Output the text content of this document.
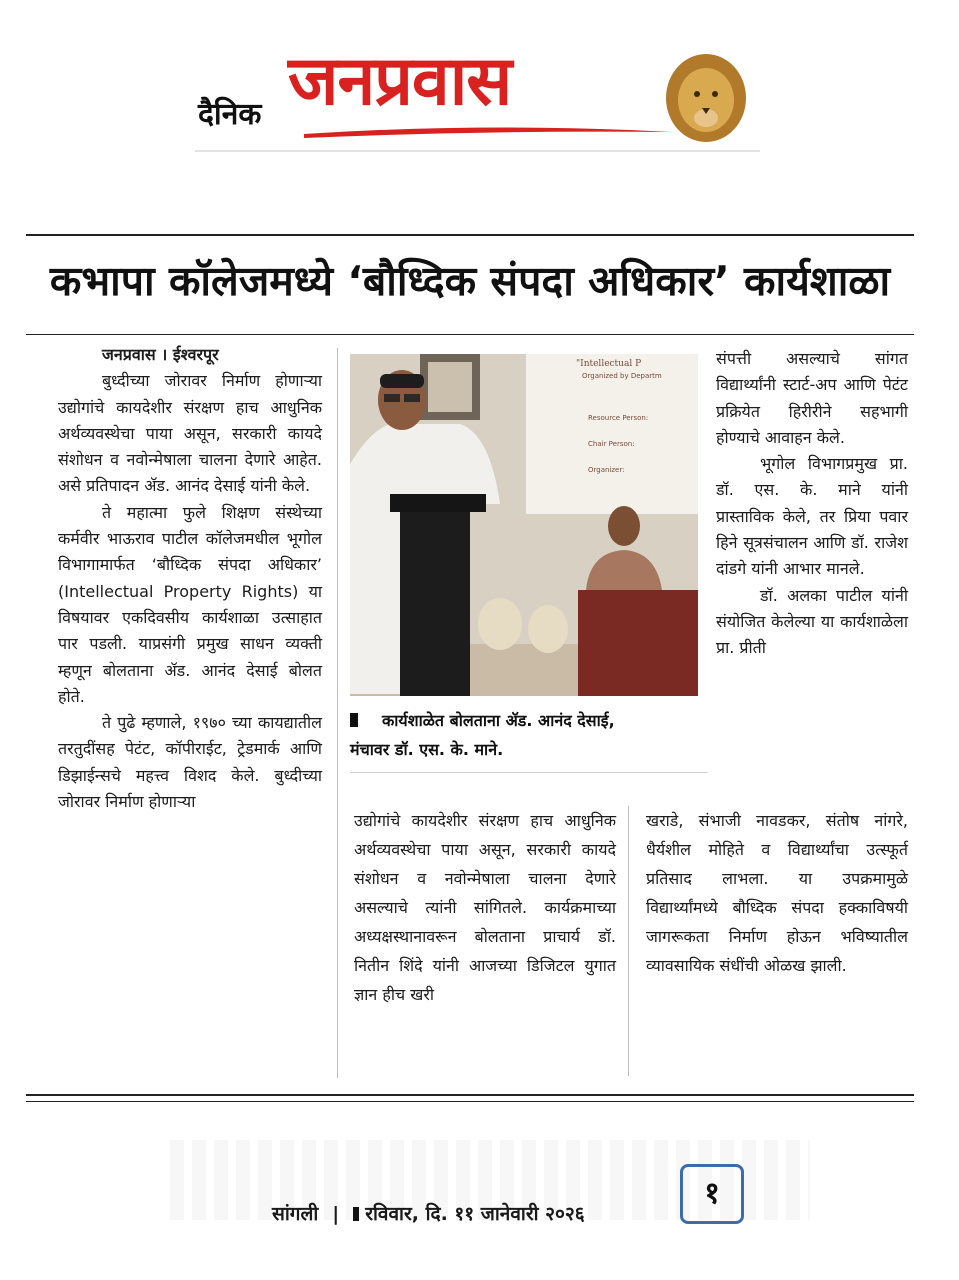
दैनिक जनप्रवास
कभापा कॉलेजमध्ये ‘बौध्दिक संपदा अधिकार’ कार्यशाळा

जनप्रवास । ईश्वरपूर

बुध्दीच्या जोरावर निर्माण होणाऱ्या उद्योगांचे कायदेशीर संरक्षण हाच आधुनिक अर्थव्यवस्थेचा पाया असून, सरकारी कायदे संशोधन व नवोन्मेषाला चालना देणारे आहेत. असे प्रतिपादन ॲड. आनंद देसाई यांनी केले.

ते महात्मा फुले शिक्षण संस्थेच्या कर्मवीर भाऊराव पाटील कॉलेजमधील भूगोल विभागामार्फत ‘बौध्दिक संपदा अधिकार’ (Intellectual Property Rights) या विषयावर एकदिवसीय कार्यशाळा उत्साहात पार पडली. याप्रसंगी प्रमुख साधन व्यक्ती म्हणून बोलताना ॲड. आनंद देसाई बोलत होते.

ते पुढे म्हणाले, १९७० च्या कायद्यातील तरतुदींसह पेटंट, कॉपीराईट, ट्रेडमार्क आणि डिझाईन्सचे महत्त्व विशद केले. बुध्दीच्या जोरावर निर्माण होणाऱ्या

"Intellectual P
Organized by Departm
Resource Person:
Chair Person:
Organizer:
कार्यशाळेत बोलताना ॲड. आनंद देसाई,
मंचावर डॉ. एस. के. माने.

संपत्ती असल्याचे सांगत विद्यार्थ्यांनी स्टार्ट-अप आणि पेटंट प्रक्रियेत हिरीरीने सहभागी होण्याचे आवाहन केले.

भूगोल विभागप्रमुख प्रा. डॉ. एस. के. माने यांनी प्रास्ताविक केले, तर प्रिया पवार हिने सूत्रसंचालन आणि डॉ. राजेश दांडगे यांनी आभार मानले.

डॉ. अलका पाटील यांनी संयोजित केलेल्या या कार्यशाळेला प्रा. प्रीती

उद्योगांचे कायदेशीर संरक्षण हाच आधुनिक अर्थव्यवस्थेचा पाया असून, सरकारी कायदे संशोधन व नवोन्मेषाला चालना देणारे असल्याचे त्यांनी सांगितले. कार्यक्रमाच्या अध्यक्षस्थानावरून बोलताना प्राचार्य डॉ. नितीन शिंदे यांनी आजच्या डिजिटल युगात ज्ञान हीच खरी

खराडे, संभाजी नावडकर, संतोष नांगरे, धैर्यशील मोहिते व विद्यार्थ्यांचा उत्स्फूर्त प्रतिसाद लाभला. या उपक्रमामुळे विद्यार्थ्यांमध्ये बौध्दिक संपदा हक्काविषयी जागरूकता निर्माण होऊन भविष्यातील व्यावसायिक संधींची ओळख झाली.

सांगली | रविवार, दि. ११ जानेवारी २०२६
१
